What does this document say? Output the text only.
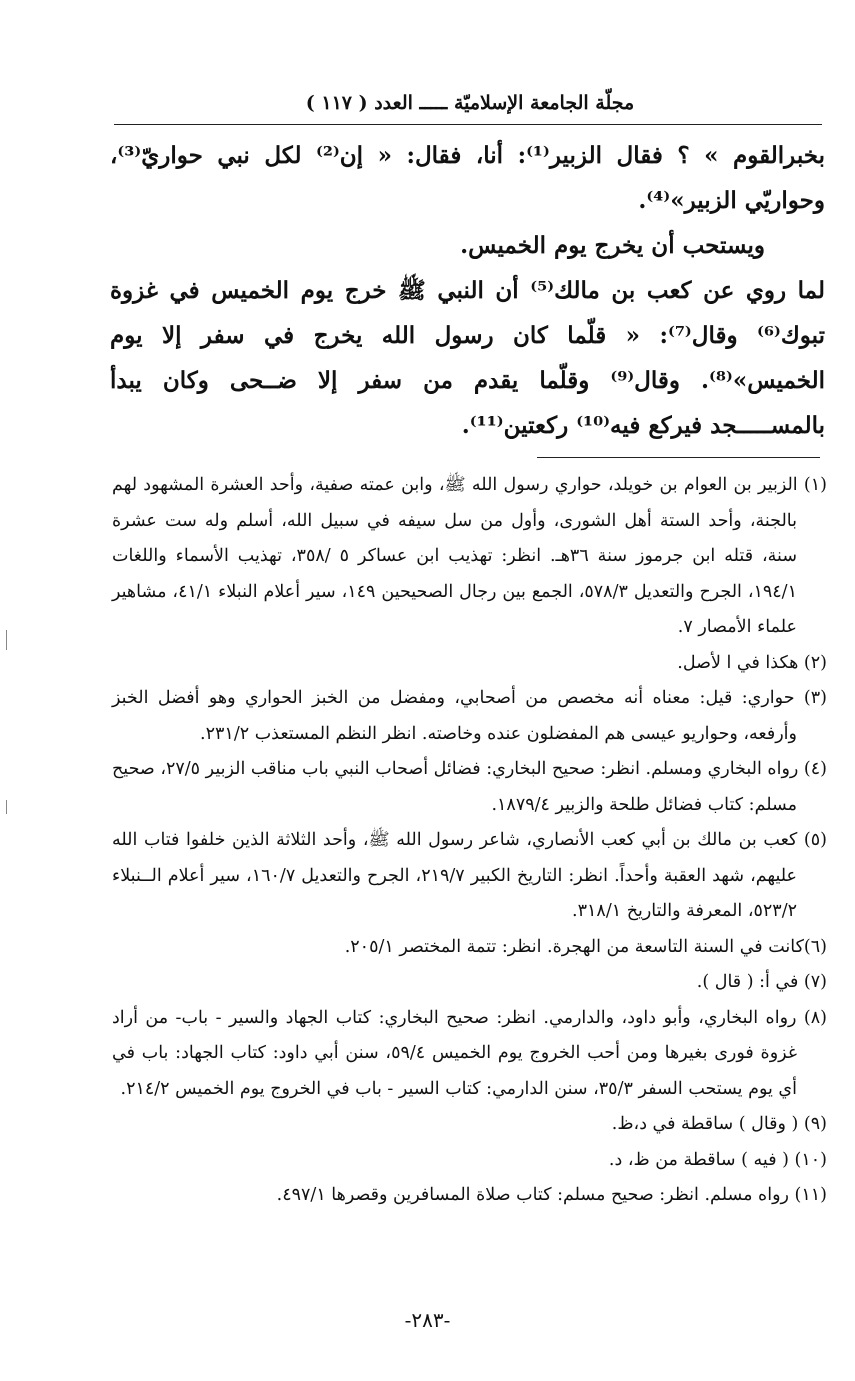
مجلّة الجامعة الإسلاميّة ـــــ العدد ( ١١٧ )

بخبرالقوم » ؟ فقال الزبير⁽¹⁾: أنا، فقال: « إن⁽²⁾ لكل نبي حواريّ⁽³⁾، وحواريّي الزبير»⁽⁴⁾.

ويستحب أن يخرج يوم الخميس.

لما روي عن كعب بن مالك⁽⁵⁾ أن النبي ﷺ خرج يوم الخميس في غزوة تبوك⁽⁶⁾ وقال⁽⁷⁾: « قلّما كان رسول الله يخرج في سفر إلا يوم الخميس»⁽⁸⁾. وقال⁽⁹⁾ وقلّما يقدم من سفر إلا ضــحى وكان يبدأ بالمســـــجد فيركع فيه⁽¹⁰⁾ ركعتين⁽¹¹⁾.

(١) الزبير بن العوام بن خويلد، حواري رسول الله ﷺ، وابن عمته صفية، وأحد العشرة المشهود لهم بالجنة، وأحد الستة أهل الشورى، وأول من سل سيفه في سبيل الله، أسلم وله ست عشرة سنة، قتله ابن جرموز سنة ٣٦هـ. انظر: تهذيب ابن عساكر ٥ /٣٥٨، تهذيب الأسماء واللغات ١٩٤/١، الجرح والتعديل ٥٧٨/٣، الجمع بين رجال الصحيحين ١٤٩، سير أعلام النبلاء ٤١/١، مشاهير علماء الأمصار ٧.

(٢) هكذا في ا لأصل.

(٣) حواري: قيل: معناه أنه مخصص من أصحابي، ومفضل من الخبز الحواري وهو أفضل الخبز وأرفعه، وحواريو عيسى هم المفضلون عنده وخاصته. انظر النظم المستعذب ٢٣١/٢.

(٤) رواه البخاري ومسلم. انظر: صحيح البخاري: فضائل أصحاب النبي باب مناقب الزبير ٢٧/٥، صحيح مسلم: كتاب فضائل طلحة والزبير ١٨٧٩/٤.

(٥) كعب بن مالك بن أبي كعب الأنصاري، شاعر رسول الله ﷺ، وأحد الثلاثة الذين خلفوا فتاب الله عليهم، شهد العقبة وأحداً. انظر: التاريخ الكبير ٢١٩/٧، الجرح والتعديل ١٦٠/٧، سير أعلام الــنبلاء ٥٢٣/٢، المعرفة والتاريخ ٣١٨/١.

(٦)كانت في السنة التاسعة من الهجرة. انظر: تتمة المختصر ٢٠٥/١.

(٧) في أ: ( قال ).

(٨) رواه البخاري، وأبو داود، والدارمي. انظر: صحيح البخاري: كتاب الجهاد والسير - باب- من أراد غزوة فورى بغيرها ومن أحب الخروج يوم الخميس ٥٩/٤، سنن أبي داود: كتاب الجهاد: باب في أي يوم يستحب السفر ٣٥/٣، سنن الدارمي: كتاب السير - باب في الخروج يوم الخميس ٢١٤/٢.

(٩) ( وقال ) ساقطة في د،ظ.

(١٠) ( فيه ) ساقطة من ظ، د.

(١١) رواه مسلم. انظر: صحيح مسلم: كتاب صلاة المسافرين وقصرها ٤٩٧/١.

-٢٨٣-
